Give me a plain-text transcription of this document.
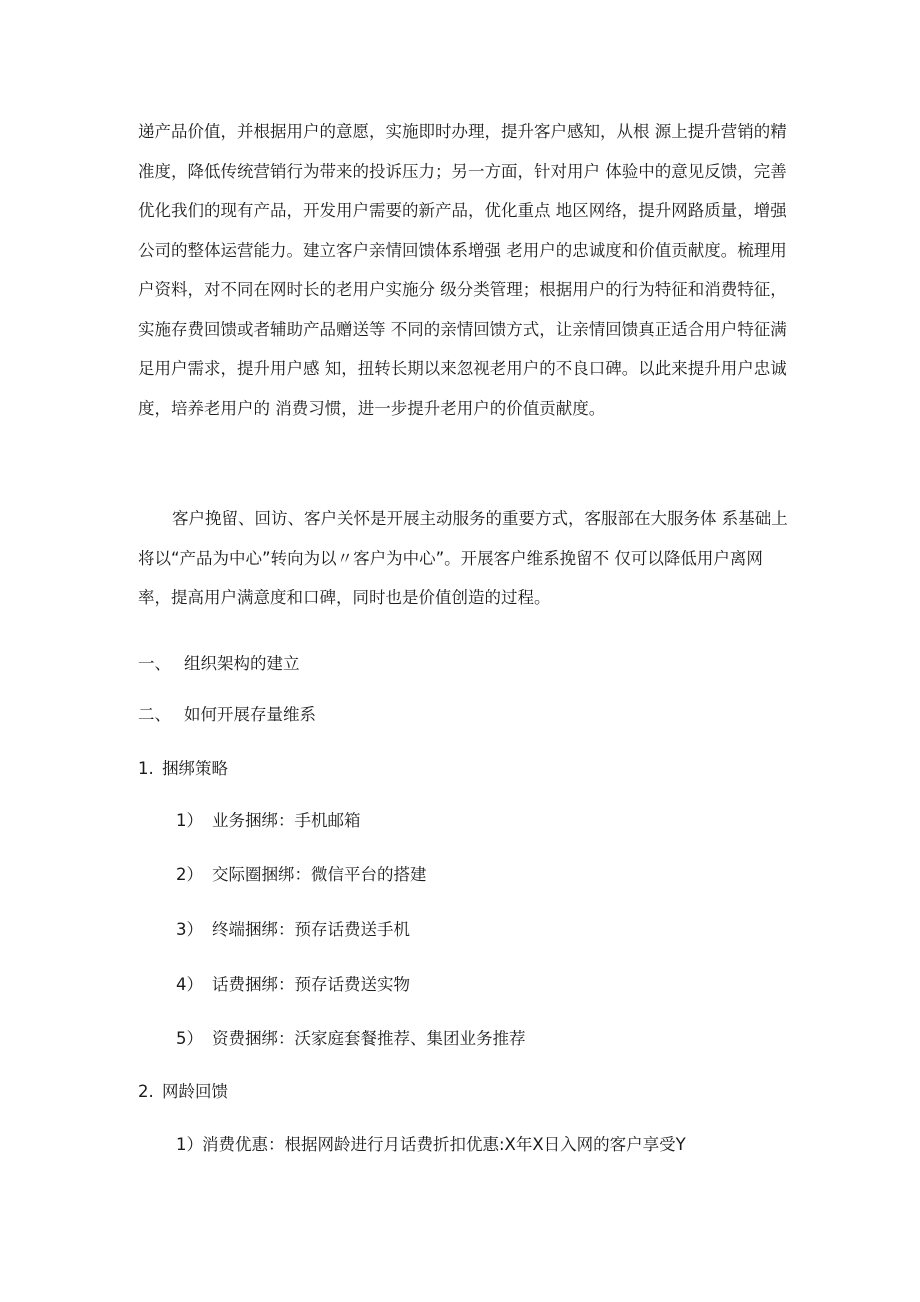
递产品价值，并根据用户的意愿，实施即时办理，提升客户感知，从根 源上提升营销的精
准度，降低传统营销行为带来的投诉压力；另一方面，针对用户 体验中的意见反馈，完善
优化我们的现有产品，开发用户需要的新产品，优化重点 地区网络，提升网路质量，增强
公司的整体运营能力。建立客户亲情回馈体系增强 老用户的忠诚度和价值贡献度。梳理用
户资料，对不同在网时长的老用户实施分 级分类管理；根据用户的行为特征和消费特征，
实施存费回馈或者辅助产品赠送等 不同的亲情回馈方式，让亲情回馈真正适合用户特征满
足用户需求，提升用户感 知，扭转长期以来忽视老用户的不良口碑。以此来提升用户忠诚
度，培养老用户的 消费习惯，进一步提升老用户的价值贡献度。

客户挽留、回访、客户关怀是开展主动服务的重要方式，客服部在大服务体 系基础上
将以“产品为中心”转向为以〃客户为中心”。开展客户维系挽留不 仅可以降低用户离网
率，提高用户满意度和口碑，同时也是价值创造的过程。

一、 组织架构的建立

二、 如何开展存量维系

1. 捆绑策略

1） 业务捆绑：手机邮箱

2） 交际圈捆绑：微信平台的搭建

3） 终端捆绑：预存话费送手机

4） 话费捆绑：预存话费送实物

5） 资费捆绑：沃家庭套餐推荐、集团业务推荐

2. 网龄回馈

1）消费优惠：根据网龄进行月话费折扣优惠:X年X日入网的客户享受Y
